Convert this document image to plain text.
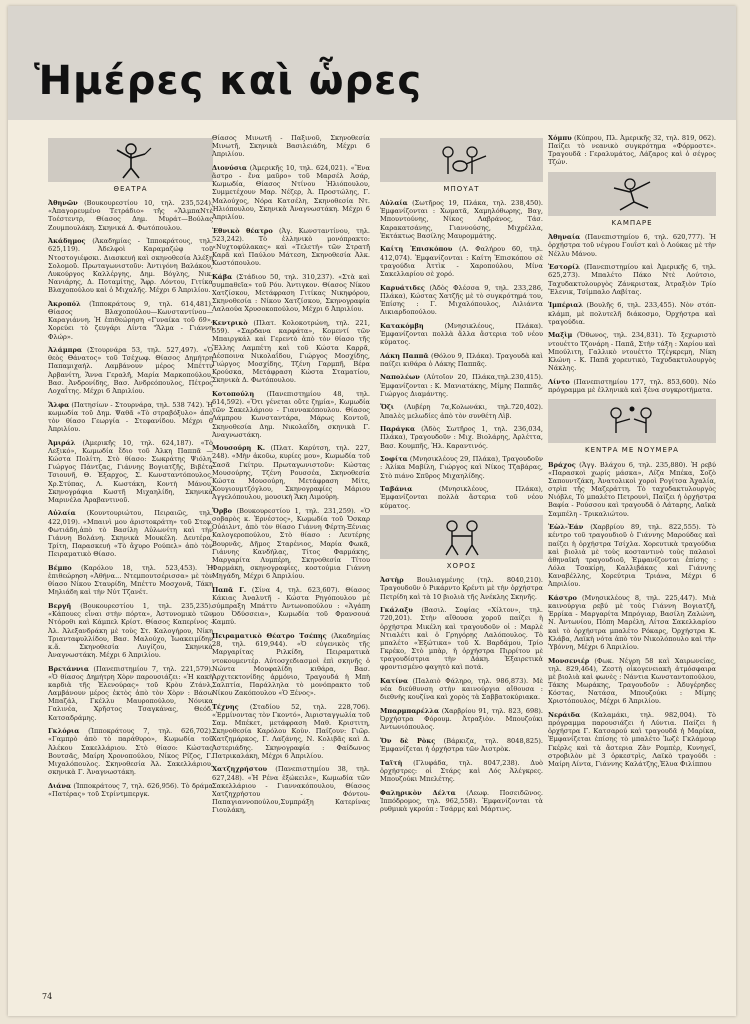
Ἡμέρες καὶ ὧρες
ΘΕΑΤΡΑ

Ἀθηνῶν (Βουκουρεστίου 10, τηλ. 235,524). «Ἀπαγορευμένο Τετράδιο» τῆς «ἌλμπαΝτὲ Τοέστεντρ, Θίασος Δημ. Μυράτ—Βούλας Ζουμπουλάκη. Σκηνικά Δ. Φωτόπουλου.

Ἀκάδημος (Ἀκαδημίας - Ἱπποκράτους, τηλ. 625,119). Ἀδελφοὶ Καραμαζώφ τοῦ Ντοστογιέφσκι. Διασκευή καὶ σκηνοθεσία Ἀλέξη Σολομοῦ. Πρωταγωνιστοῦν: Ἀντιγόνη Βαλάκου, Λυκούργος Καλλέργης, Δημ. Βόγλης, Νικ. Νανιάρης, Δ. Ποταμίτης, Ἄφρ. Λόντου, Γιτίκα Βλαχοπούλου καὶ ὁ Μιχαλῆς. Μέχρι 6 Ἀπριλίου.

Ἀκροπόλ (Ἱπποκράτους 9, τηλ. 614,481). Θίασος Βλαχοπούλου—Κωνσταντίνου—Καραγιάννη. Ἡ ἐπιθεώρηση «Γυναίκα τοῦ 69», Χορεύει τὸ ζευγάρι Λίντα "Ἄλμα - Γιάννη Φλώρ».

Ἀλάμπρα (Στουρνάρα 53, τηλ. 527,497). «Ὁ θεὸς Θάνατος» τοῦ Τσέχωφ. Θίασος Δημήτρη Παπαμιχαήλ. Λαμβάνουν μέρος Μπέττυ Ἀρβανίτη, Ἄννα Γεραλῆ, Μαρία Μαρκοπούλου, Βασ. Ἀνδρονίδης, Βασ. Ἀνδρεόπουλος, Πέτρος Λοχαΐτης. Μέχρι 6 Ἀπριλίου.

Ἄλφα (Πατησίων - Στουρνάρα, τηλ. 538 742). Ἡ κωμωδία τοῦ Δημ. Ψαθᾶ «Τὸ στραβόξυλο» ἀπὸ τὸν θίασο Γεωργία - Στεφανίδου. Μέχρι 6 Ἀπριλίου.

Ἀμιράλ (Ἀμερικῆς 10, τηλ. 624,187). «Τὸ Λεξικό», Κωμωδία ἔδιο τοῦ Ἀλκη Παππᾶ — Κώστα Πολίτη. Στὸ θίασο: Σωκράτης Ψιόλη, Γιώργος Πάντζας, Γιάννης Βογιατζῆς, Βιβέτα Τσιουνῆ, Θ. Ἐξαρχος, Σ. Κωνσταντόπουλος, Χρ.Στύπας, Λ. Κωστάκη, Κοντὴ Μάνου, Σκηνογράφια Κωστῆ Μιχαηλίδη, Σκηνικὰ Μαρινέλα Ἀραβαντινοῦ.

Αὐλαία (Κουντουριώτου, Πειραιῶς, τηλ. 422,019). «Μπαινὶ μου ἀριστοκράτη» τοῦ Στεφ. Φωτιάδη,ἀπὸ τὸ Βασίλη Αὐλωνίτη καὶ τὴν Γιάννη Βολάνη. Σκηνικὰ Μουκέλη. Δευτέρα, Τρίτη, Παρασκευή «Τὸ ἄχυρο Ρούπελ» ἀπὸ τὸν Πειραματικὸ Θίασο.

Βέμπο (Καρόλου 18, τηλ. 523,453). Ἡ ἐπιθεώρηση «Ἀθήνα... Ντεμπουτσέρισσα» μὲ τὸν θίασο Νίκου Σταυρίδη, Μπέττυ Μοσχονᾶ, Τάκη Μηλιάδη καὶ τὴν Νύτ Τζανέτ.

Βεργῆ (Βουκουρεστίου 1, τηλ. 235,235). «Κάπουες εἶναι στὴν πόρτα», Ἀστυνομικὸ τῶν Ντόροθι καὶ Κάμπελ Κρίστ. Θίασος Καπερίνος - Ἀλ. Ἀλεξανδράκη μὲ τοὺς Στ. Καλογήρου, Νίκη Τριανταφυλλίδου, Βασ. Μαλούχο, Ἰωακειμίδην κ.ἄ. Σκηνοθεσία Λυγίζου, Σκηνικὰ Ἀναγνωστάκη. Μέχρι 6 Ἀπριλίου.

Βρετάννια (Πανεπιστημίου 7, τηλ. 221,579). «Ὁ θίασος Δημήτρη Χὸρν παρουσιάζει: «Ἡ κακὴ καρδιὰ τῆς Ἑλενούρας» τοῦ Κρὸυ Ζτάνλ, Λαμβάνουν μέρος ἐκτὸς ἀπὸ τὸν Χὸρν : Βάσω Μπαζάλ, Γκέλλυ Μαυροπούλου, Νόνικα Γαλινέα, Χρῆστος Τσαγκάνας, Θεόδ. Κατσαδράμης.

Γκλόρια (Ἱπποκράτους 7, τηλ. 626,702). «Γαμπρὸ ἀπὸ τὸ παράθυρο», Κωμωδία τοῦ Ἀλέκου Σακελλάριου. Στὸ θίασο: Κώστας Βουτσᾶς, Μαίρη Χρονοπούλου, Νίκος Ρίζος, Γ. Μιχαλόπουλος. Σκηνοθεσία Ἀλ. Σακελλάριου, σκηνικὰ Γ. Ἀναγνωστάκη.

Διάνα (Ἱπποκράτους 7, τηλ. 626,956). Τὸ δράμα «Πατέρας» τοῦ Στρίντμπεργκ.

Θίασος Μινωτῆ - Παξινοῦ, Σκηνοθεσία Μινωτῆ, Σκηνικὰ Βασιλειάδη, Μέχρι 6 Ἀπριλίου.

Διονύσια (Ἀμερικῆς 10, τηλ. 624,021). «Ἕνα ἄστρο - ἕνα μαῦρο» τοῦ Μαρσέλ Ἀσάρ, Κωμωδία, Θίασος Ντίνου Ἠλιόπουλου, Συμμετέχουν Μαρ. Νέζερ, Ἀ. Προστώλης, Γ. Μαλούχος, Νόρα Κατσέλη, Σκηνοθεσία Ντ. Ἠλιόπουλου, Σκηνικὰ Ἀναγνωστάκη. Μέχρι 6 Ἀπριλίου.

Ἐθνικὸ θέατρο (Ἀγ. Κωνσταντίνου, τηλ. 523,242). Τὸ ἑλληνικὸ μονόπρακτο: «Νυχτοφύλακας» καὶ «Τελετή» τῶν Στρατῆ Καρᾶ καὶ Παύλου Μάτεση, Σκηνοθεσία Ἀλκ. Κωστόπουλου.

Κάβα (Στάδιου 50, τηλ. 310,237). «Στὰ καὶ συμπαθεῖα» τοῦ Ρόυ. Ἀντιγκον. Θίασος Νίκου Χατζίσκου, Μετάφραση Γιτίκας Νικηφόρου, Σκηνοθεσία : Νίκου Χατζίσκου, Σκηνογραφία Λαλαούα Χρυσοκοπούλου, Μέχρι 6 Ἀπριλίου.

Κεντρικὸ (Πλατ. Κολοκοτρώνη, τηλ. 221, 559). «Σαρδανα καρφάτα», Κομεντί τῶν Μπαιργκάλ καὶ Γερεντὸ ἀπὸ τὸν θίασο τῆς Ἔλλης Λαμπέτη καὶ τοῦ Κώστα Καρρᾶ, Δέσποινα Νικολαΐδου, Γιώργος Μοσχίδης, Γιώργος Μοσχίδης, Τζένη Γαρμπῆ, Βέρα Κρούσκα, Μετάφραση Κώστα Σταματίου, Σκηνικὰ Δ. Φωτόπουλου.

Κοτοπούλη (Πανεπιστημίου 48, τηλ. 614,592). «Ὅτι γένεται οὔτε ζημία», Κωμωδία τῶν Σακελλάριου - Γιαννακόπουλου. Θίασος Λάμπρου Κωνσταντάρα, Μάρως Κοντοῦ, Σκηνοθεσία Δημ. Νικολαΐδη, σκηνικὰ Γ. Ἀναγνωστάκη.

Μουσούρη Κ. (Πλατ. Καρύτση, τηλ. 227, 248). «Μὴν ἀκοῦω, κυρίες μου», Κωμωδία τοῦ Σασᾶ Γκίτρυ. Πρωταγωνιστοῦν: Κώστας Μουσούρης, Τζένη Ρουσσέα, Σκηνοθεσία Κώστα Μουσούρη, Μετάφραση Μίτε, Κουγιουμτζόγλου, Σκηνογραφίες Μάριου Ἀγγελόπουλου, μουσικὴ Ἄκη Λιμούρη.

Ὄρβο (Βουκουρεστίου 1, τηλ. 231,259). «Ὁ σοβαρὸς κ. Ἐρνέστος», Κωμωδία τοῦ Ὄσκαρ Οὐάιλντ, ἀπὸ τὸν θίασο Γιάννη Φέρτη-Ξένιας Καλογεροπούλου, Στὸ θίασο : Λευτέρης Βουρνᾶς, Δῆμος Σταρένιος, Μαρία Φωκᾶ, Γιάννης Κανδήλας, Τίτος Φαρμάκης, Μαργαρίτα Λυμπέρη, Σκηνοθεσία Τίτου Φαρμάκη, σκηνογραφίες, κοστούμια Γιάννη Μηγάδη, Μέχρι 6 Ἀπριλίου.

Παπᾶ Γ. (Σίνα 4, τηλ. 623,607). Θίασος Κάκιας Ἀναλυτῆ - Κώστα Ρηγόπουλου μὲ σύμπραξη Μπάττυ Ἀντωνοπούλου : «Ἀγάπη μου Ὀδύσσεια», Κωμωδία τοῦ Φρανσουά Καμπύ.

Πειραματικὸ Θέατρο Τσέπης (Ἀκαδημίας 28, τηλ. 619,944). «Ὁ εὐγενικὸς τῆς Μαργαρίτας Ριλκίδη, Πειραματικὰ ντοκουμεντέρ. Αὐτοσχεδιασμοὶ ἐπὶ σκηνῆς ὁ Νώντα Μουφαλίδη κιθάρα, Βασ. Ἀρχιτεκτονίδης ἀρμόνιο, Τραγουδά ἡ Μπὴ Σαλπτία, Παράλληλα τὸ μονόπρακτο τοῦ Νίκου Ζακόπουλου «Ὁ Ξένος».

Τέχνης (Σταδίου 52, τηλ. 228,706). «Ἐρμίνοντας τὸν Γκοντό», Ἀιρισταγγωλία τοῦ Σαμ. Μπέκετ, μετάφραση Μαθ. Κριστιτη, Σκηνοθεσία Καρόλου Κοὺν. Παίζουν: Γιῶρ. Χατζημάρκος, Γ. Λαζάνης, Ν. Κολιβᾶς καὶ Δ. Ἀστεριάδης. Σκηνογραφία : Φαίδωνος Πατρικαλάκη, Μέχρι 6 Ἀπριλίου.

Χατζηχρήστου (Πανεπιστημίου 38, τηλ. 627,248). «Ἡ Ρένα ἐξώκειλε», Κωμωδία τῶν Σακελλάριου - Γιαννακόπουλου, Θίασος Χατζηχρήστου - Φόντου-Παπαγιαννοπούλου,Συμπράξη Κατερίνας Γιουλάκη,

ΜΠΟΥΑΤ

Αὐλαία (Σωτῆρος 19, Πλάκα, τηλ. 238,450). Ἐμφανίζονται : Χωματᾶ, Χαμηλόθωρης, Βαγ, Μπουντούνης, Νίκος Λαβράνος, Τάσ. Καρακατσάνης, Γιαννούσης, Μιχρέλλα, Ἐκτάκτως Βασίλης Μαυρομμάτης.

Καίτη Ἐπισκόπου (Λ. Φαλήρου 60, τηλ. 412,074). Ἐμφανίζονται : Καίτη Ἐπισκόπου σὲ τραγούδια Ἀττὶκ - Χαροπούλου, Μίνα Σακελλαρίου σὲ χορό.

Καρυάτιδες (Ἁδὸς Φλέσσα 9, τηλ. 233,286, Πλάκα), Κώστας Χατζῆς μὲ τὸ συγκρότημά του, Ἐπίσης : Γ. Μιχαλόπουλος, Λιλιάντα Λικιαρδοπούλου.

Κατακόμβη (Μνησικλέους, Πλάκα). Ἐμφανίζονται πολλὰ ἄλλα ἄστερια τοῦ νέου κύματος.

Λάκη Παππᾶ (Θόλου 9, Πλάκα). Τραγουδὰ καὶ παίζει κιθάρα ὁ Λάκης Παππᾶς.

Ναπολέων (Αὐτοῖον 20, Πλάκα,τηλ.230,415). Ἐμφανίζονται : Κ. Μανιατάκης, Μίμης Παππᾶς, Γιώργος Διαμάντης.

Ὄζι (Λυβέρη 7α,Κολωνάκι, τηλ.720,402). Ἀπαλὲς μελωδίες ἀπὸ τὸν συνθέτη Λὶβ.

Παράγκα (Ἁδὸς Σωτῆρος 1, τηλ. 236,034, Πλάκα), Τραγουδοῦν : Μιχ. Βιολάρης, Ἀρλέττα, Βασ. Κουμπῆς, Ἠλ. Καραντινός.

Σοφίτα (Μνησικλέους 29, Πλάκα), Τραγουδοῦν : Ἀλίκα Μαβίλη, Γιώργος καὶ Νίκος Τζαβάρας, Στὸ πιάνο Σπῦρος Μιχαηλίδης.

Ταβάνια (Μνησικλέους, Πλάκα), Ἐμφανίζονται πολλὰ ἄστερια τοῦ νέου κύματος.

ΧΟΡΟΣ

Ἀστὴρ Βουλιαγμένης (τηλ. 8040,210). Τραγουδοῦν ὁ Ρικάρντο Κρέντι μὲ τὴν ὀρχήστρα Πετρίδη καὶ τὰ 10 βιολιὰ τῆς Ἀνέκλης Σκηνῆς.

Γκάλαξυ (Βασιλ. Σοφίας «Χίλτον», τηλ. 720,201). Στὴν αἴθουσα χοροῦ παίζει ἡ ὀρχήστρα Μικέλη καὶ τραγουδοῦν οἱ : Μαρλὲ Ντιαλέτι καὶ ὁ Γρηγόρης Λαλόπουλος. Τὸ μπαλέτο «Ἐξώτικα» τοῦ Χ. Βαρδάμου, Τρίο Γκρέκο, Στὸ μπὰρ, ἡ ὀρχήστρα Πιρρίτου μὲ τραγουδίστρια τὴν Δάκη. Ἐξαιρετικὰ φροντισμένο φαγητὸ καὶ ποτά.

Κατίνα (Παλαιὸ Φάληρο, τηλ. 986,873). Μὲ νέα διεύθυνση στὴν καινούργια αἴθουσα : διεθνὴς κουζίνα καὶ χορὸς τὰ Σαββατοκύριακα.

Μπαρμπαρέλλα (Χαρβρίου 91, τηλ. 823, 698). Ὀρχήστρα Φόρουμ. Ἀτραξιὸν. Μπουζούκι Ἀντωνιόπουλος.

Ὄν δὲ Ρὸκς (Βάρκιζα, τηλ. 8048,825). Ἐμφανίζεται ἡ ὀρχήστρα τῶν Ἀιστρὸκ.

Ταϊτὴ (Γλυφάδα, τηλ. 8047,238). Δυὸ ὀρχήστρες: οἱ Στάρς καὶ Λός Ἀλέγκρες. Μπουζούκι Μπελέτης.

Φαληρικὸν Δέλτα (Λεωφ. Ποσειδῶνος. Ἱππόδρομος, τηλ. 962,558). Ἐμφανίζονται τὰ ρυθμικὰ γκρούπ : Τσάρμς καὶ Μάρτινς.

Χόμπυ (Κύπρου, Πλ. Ἀμερικῆς 32, τηλ. 819, 062). Παίζει τὸ νεανικὸ συγκρότημα «Φόρμοστε». Τραγουδᾶ : Γεραλυμάτος, Λάζαρος καὶ ὁ σέγρος Τζών.

ΚΑΜΠΑΡΕ

Ἀθηναία (Πανεπιστημίου 6, τηλ. 620,777). Ἡ ὀρχήστρα τοῦ νέγρου Γουΐστ καὶ ὁ Λούκας μὲ τὴν Νέλλυ Μάνου.

Ἐστορίλ (Πανεπιστημίου καὶ Ἀμερικῆς 6, τηλ. 625,273). Μπαλέτο Πάκο Ντὲ Λούτσιο, Ταχυδακτυλουργὸς Ζάνκριστακ, Ἀτραξιὸν Τρίο Ἔλενικ, Τσίμπαλο Λαβίτας.

Ἱμπέριαλ (Βουλῆς 6, τηλ. 233,455). Νὸν στόπ-κλάμπ, μὲ πολυτελῆ διάκοσμο, Ὀρχήστρα καὶ τραγούδια.

Μαξὶμ (Ὄθωνος, τηλ. 234,831). Τὸ ξεχωριστὸ ντουέττο Τζονάρη - Παπᾶ, Στὴν τάξη : Χαρίου καὶ Μπούλιτη, Γαλλικὸ ντουέττο Τζέγκρεμη, Νίκη Κλώνη - Κ. Παπᾶ χορευτικὸ, Ταχυδακτυλουργὸς Νάκλης.

Λίντο (Πανεπιστημίου 177, τηλ. 853,600). Νέο πρόγραμμα μὲ ἑλληνικὰ καὶ ξένα συγκροτήματα.

ΚΕΝΤΡΑ ΜΕ ΝΟΥΜΕΡΑ

Βράχος (Ἀγγ. Βλάχου 6, τηλ. 235,880). Ἡ ρεβύ «Παρασκοὶ χωρίς μάσκα», Λίζα Μπέκα, Σοζὸ Σαπουντζάκη, Ἀνατολικοὶ χοροὶ Ρογίτσα Ἀχαλία, στρὶπ τῆς Μαζεράττη. Τὸ ταχυδακτυλουργὸς Νιόβλε, Τὸ μπαλέτο Πετρουνὶ, Παίζει ἡ ὀρχήστρα Βαφία - Ρούσσου καὶ τραγουδᾶ ὁ Λάταρης, Λαϊκὰ Σαμπέλη - Τρικαλιώτου.

Ἐὼλ-Ἐάν (Χαρβρίου 89, τηλ. 822,555). Τὸ κέντρο τοῦ τραγουδιοῦ ὁ Γιάννης Μαρούδας καὶ παίζει ἡ ὀρχήστρα Τσίχλα. Χορευτικὰ τραγούδια καὶ βιολιὰ μὲ τοὺς κοσταντινὸ τοὺς παλαιοὶ ἀθηναϊκὴ τραγουδιοῦ, Ἐμφανίζονται ἐπίσης : Λόλα Τσακίρη, Καλλιβάκας καὶ Γιάννης Καναβέλλης, Χορεύτρια Τριάνα, Μέχρι 6 Ἀπριλίου.

Κάστρο (Μνησικλέους 8, τηλ. 225,447). Μιὰ καινούργια ρεβύ μὲ τοὺς Γιάννη Βογιατζῆ, Ἐρρίκα - Μαργαρίτα Μπρόγιαρ, Βασίλη Ζαλώνη, Ν. Ἀντωνίου, Πόπη Μαρέλη, Λίτσα Σακελλαρίου καὶ τὸ ὀρχήστρα μπαλέτο Ρόκαρς, Ὀρχήστρα Κ. Κλάβα, Λαϊκὴ νότα ἀπὸ τὸν Νικολόπουλο καὶ τὴν Ὑβόννη, Μέχρι 6 Ἀπριλίου.

Μονσενιέρ (Φωκ. Νέγρη 58 καὶ Χαιρωνείας, τηλ. 829,464), Ζεστὴ οἰκογενειακὴ ἀτμόσφαιρα μὲ βιολιὰ καὶ φωνὲς : Νάντια Κωνσταντοπούλου, Τάκης Μωράκης, Τραγουδοῦν : Ἀδυγέρηδες Κόστας, Νατάσα, Μπουζούκι : Μίμης Χριστόπουλος, Μέχρι 6 Ἀπριλίου.

Νεράιδα (Καλαμάκι, τηλ. 982,004). Τὸ πρόγραμμα παρουσιάζει ἡ Λύντια. Παίζει ἡ ὀρχήστρα Γ. Κατσαρού καὶ τραγουδᾶ ἡ Μαρίκα, Ἐμφανίζεται ἐπίσης τὸ μπαλέτο Ἰωζὲ Γκλάμουρ Γκέρλς καὶ τὰ ἄστερια Ζὰν Ρομπὲρ, Κυνηγεῖ, στροβιλὸν μὲ 3 ὀρκεστρὶς, Λαϊκὸ τραγούδι : Μαίρη Λίντα, Γιάννης Καλάτζης,Ἐλυα Φιλίππου

74
